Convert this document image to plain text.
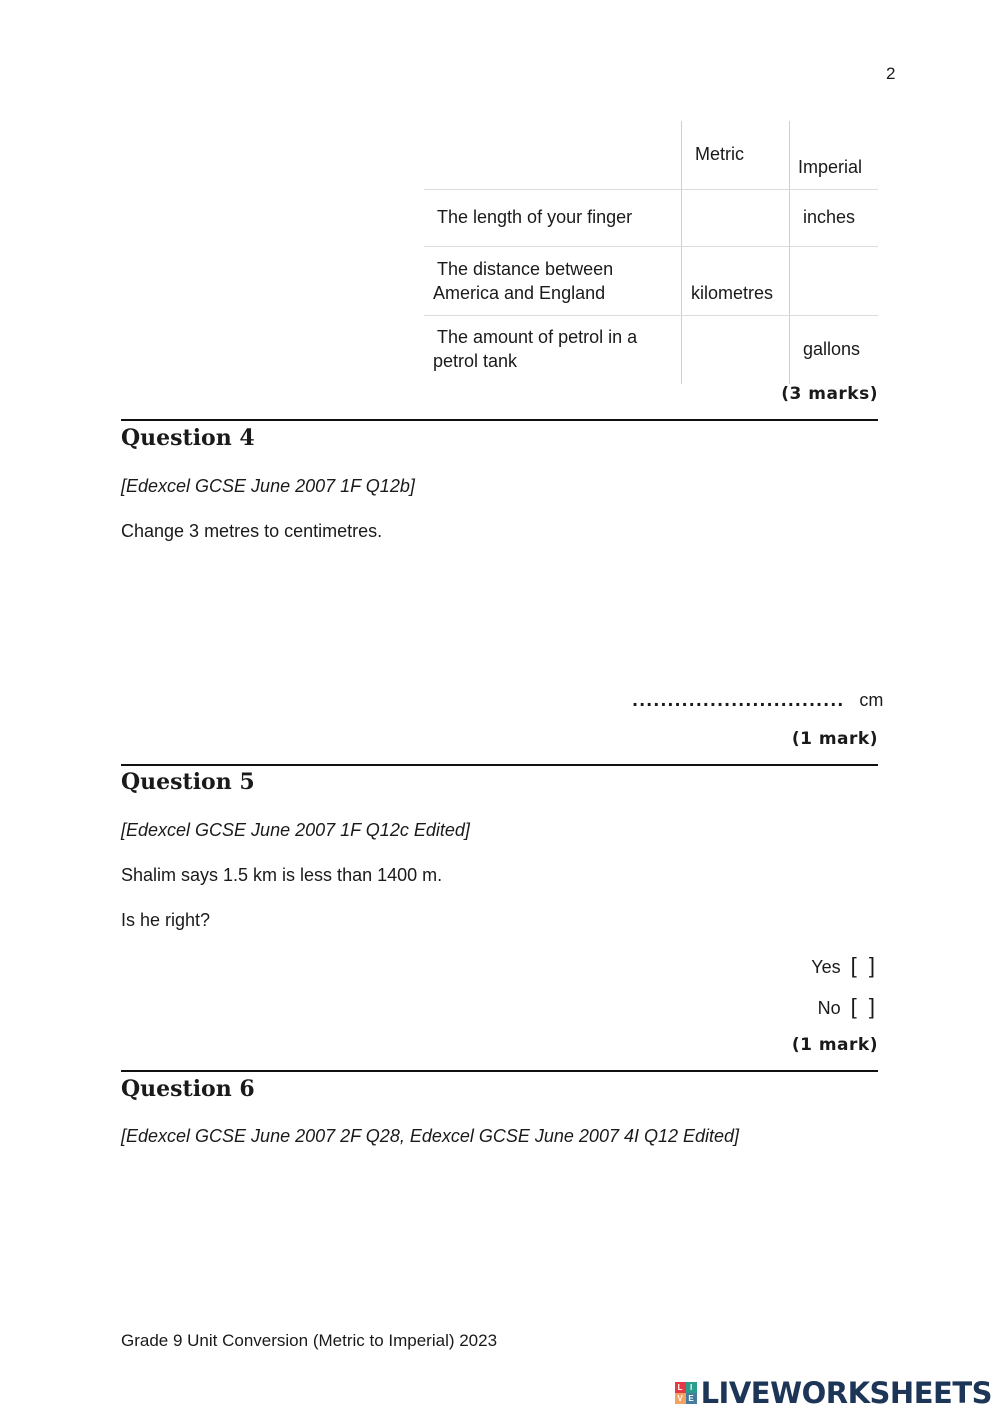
2
Metric
Imperial
The length of your finger	inches
The distance between
America and England	kilometres
The amount of petrol in a
petrol tank
gallons
(3 marks)
Question 4
[Edexcel GCSE June 2007 1F Q12b]
Change 3 metres to centimetres.
.............................. cm
(1 mark)
Question 5
[Edexcel GCSE June 2007 1F Q12c Edited]
Shalim says 1.5 km is less than 1400 m.
Is he right?
Yes [ ]
No [ ]
(1 mark)
Question 6
[Edexcel GCSE June 2007 2F Q28, Edexcel GCSE June 2007 4I Q12 Edited]
Grade 9 Unit Conversion (Metric to Imperial) 2023
L I
V E LIVEWORKSHEETS
